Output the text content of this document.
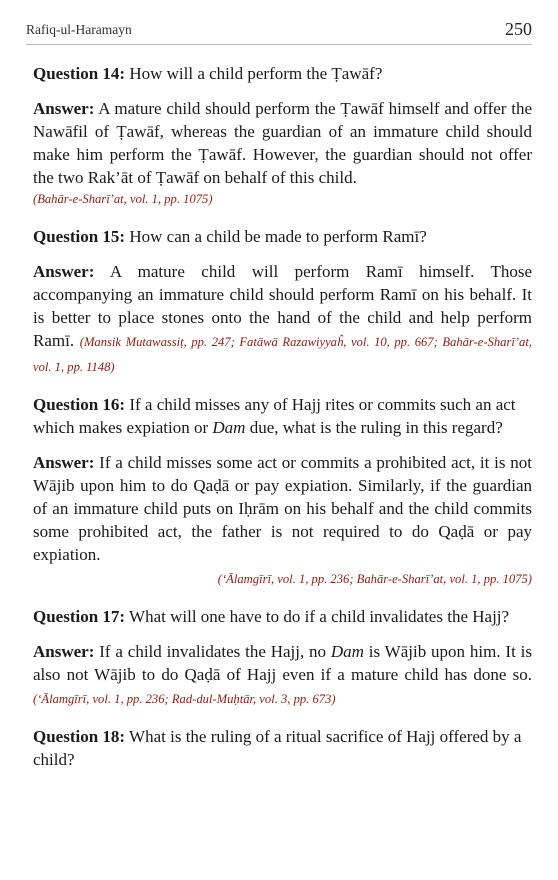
Rafiq-ul-Haramayn	250

Question 14: How will a child perform the Ṭawāf?

Answer: A mature child should perform the Ṭawāf himself and offer the Nawāfil of Ṭawāf, whereas the guardian of an immature child should make him perform the Ṭawāf. However, the guardian should not offer the two Rak’āt of Ṭawāf on behalf of this child.
(Bahār-e-Sharī’at, vol. 1, pp. 1075)

Question 15: How can a child be made to perform Ramī?

Answer: A mature child will perform Ramī himself. Those accompanying an immature child should perform Ramī on his behalf. It is better to place stones onto the hand of the child and help perform Ramī. (Mansik Mutawassiṭ, pp. 247; Fatāwā Razawiyyaĥ, vol. 10, pp. 667; Bahār-e-Sharī’at, vol. 1, pp. 1148)

Question 16: If a child misses any of Hajj rites or commits such an act which makes expiation or Dam due, what is the ruling in this regard?

Answer: If a child misses some act or commits a prohibited act, it is not Wājib upon him to do Qaḍā or pay expiation. Similarly, if the guardian of an immature child puts on Iḥrām on his behalf and the child commits some prohibited act, the father is not required to do Qaḍā or pay expiation.
(‘Ālamgīrī, vol. 1, pp. 236; Bahār-e-Sharī’at, vol. 1, pp. 1075)

Question 17: What will one have to do if a child invalidates the Hajj?

Answer: If a child invalidates the Hajj, no Dam is Wājib upon him. It is also not Wājib to do Qaḍā of Hajj even if a mature child has done so. (‘Ālamgīrī, vol. 1, pp. 236; Rad-dul-Muḥtār, vol. 3, pp. 673)

Question 18: What is the ruling of a ritual sacrifice of Hajj offered by a child?
